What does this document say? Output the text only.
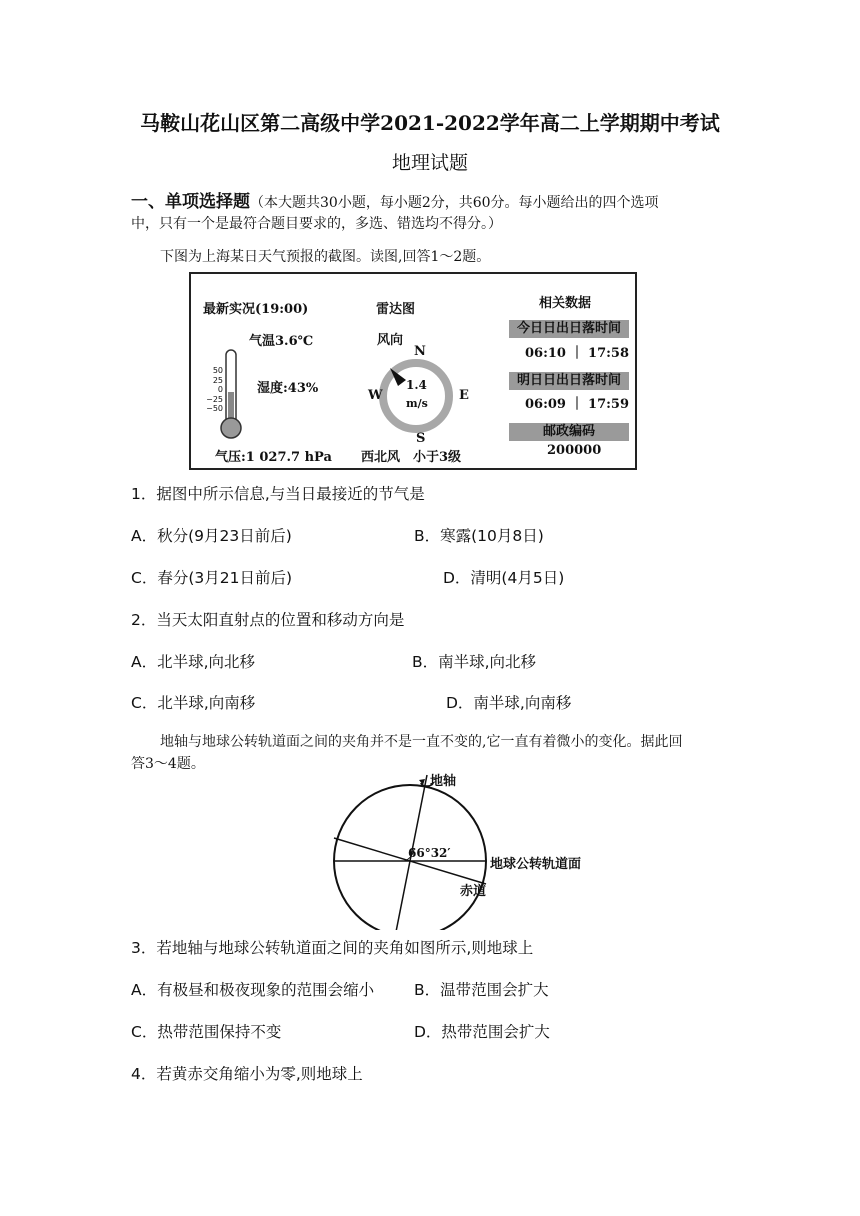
马鞍山花山区第二高级中学2021-2022学年高二上学期期中考试
地理试题
一、单项选择题（本大题共30小题，每小题2分，共60分。每小题给出的四个选项
中，只有一个是最符合题目要求的，多选、错选均不得分。）
下图为上海某日天气预报的截图。读图,回答1～2题。
最新实况(19:00)
气温3.6℃
湿度:43%
气压:1 027.7 hPa
50
25
0
−25
−50
雷达图
风向
N
S
E
W
1.4
m/s
西北风　小于3级
相关数据
今日日出日落时间
06:10 ｜ 17:58
明日日出日落时间
06:09 ｜ 17:59
邮政编码
200000
1．据图中所示信息,与当日最接近的节气是
A．秋分(9月23日前后)	B．寒露(10月8日)
C．春分(3月21日前后)	D．清明(4月5日)
2．当天太阳直射点的位置和移动方向是
A．北半球,向北移	B．南半球,向北移
C．北半球,向南移	D．南半球,向南移
地轴与地球公转轨道面之间的夹角并不是一直不变的,它一直有着微小的变化。据此回
答3～4题。
地轴
66°32′
地球公转轨道面
赤道
3．若地轴与地球公转轨道面之间的夹角如图所示,则地球上
A．有极昼和极夜现象的范围会缩小	B．温带范围会扩大
C．热带范围保持不变	D．热带范围会扩大
4．若黄赤交角缩小为零,则地球上
